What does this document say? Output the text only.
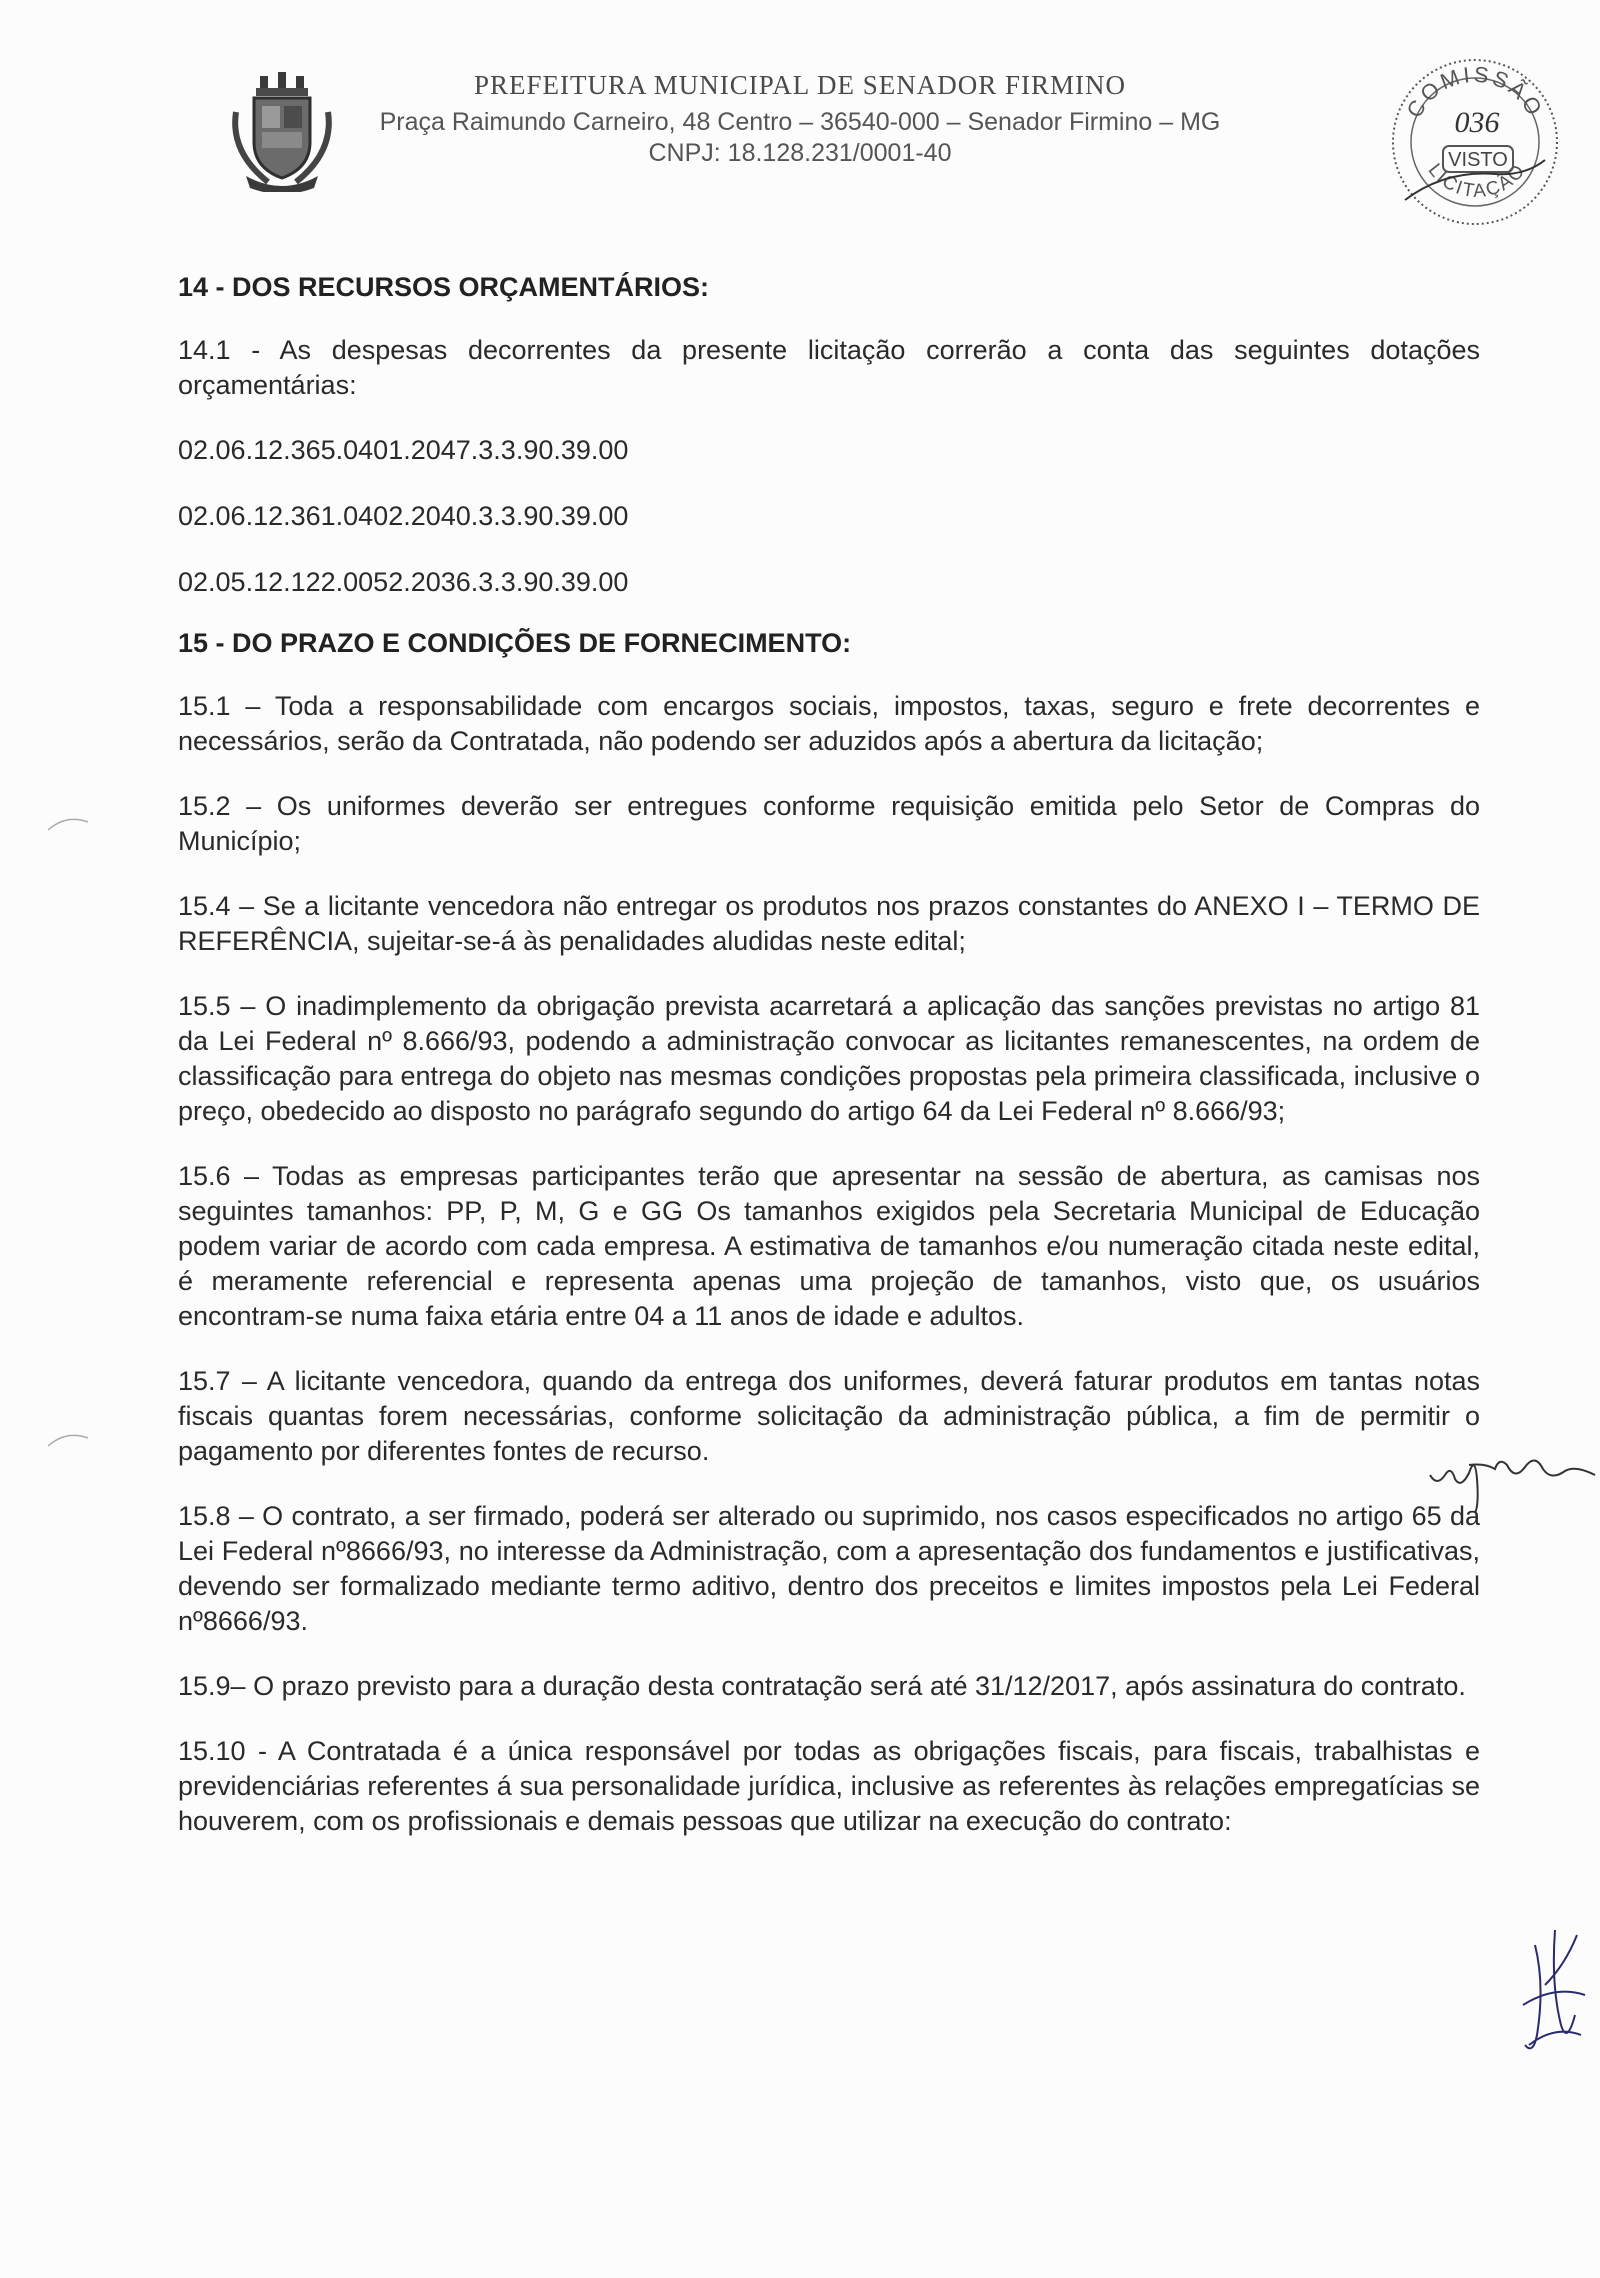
PREFEITURA MUNICIPAL DE SENADOR FIRMINO
Praça Raimundo Carneiro, 48 Centro – 36540-000 – Senador Firmino – MG
CNPJ: 18.128.231/0001-40
COMISSÃO
036
VISTO
LICITAÇÃO

14 - DOS RECURSOS ORÇAMENTÁRIOS:

14.1 - As despesas decorrentes da presente licitação correrão a conta das seguintes dotações orçamentárias:

02.06.12.365.0401.2047.3.3.90.39.00

02.06.12.361.0402.2040.3.3.90.39.00

02.05.12.122.0052.2036.3.3.90.39.00

15 - DO PRAZO E CONDIÇÕES DE FORNECIMENTO:

15.1 – Toda a responsabilidade com encargos sociais, impostos, taxas, seguro e frete decorrentes e necessários, serão da Contratada, não podendo ser aduzidos após a abertura da licitação;

15.2 – Os uniformes deverão ser entregues conforme requisição emitida pelo Setor de Compras do Município;

15.4 – Se a licitante vencedora não entregar os produtos nos prazos constantes do ANEXO I – TERMO DE REFERÊNCIA, sujeitar-se-á às penalidades aludidas neste edital;

15.5 – O inadimplemento da obrigação prevista acarretará a aplicação das sanções previstas no artigo 81 da Lei Federal nº 8.666/93, podendo a administração convocar as licitantes remanescentes, na ordem de classificação para entrega do objeto nas mesmas condições propostas pela primeira classificada, inclusive o preço, obedecido ao disposto no parágrafo segundo do artigo 64 da Lei Federal nº 8.666/93;

15.6 – Todas as empresas participantes terão que apresentar na sessão de abertura, as camisas nos seguintes tamanhos: PP, P, M, G e GG Os tamanhos exigidos pela Secretaria Municipal de Educação podem variar de acordo com cada empresa. A estimativa de tamanhos e/ou numeração citada neste edital, é meramente referencial e representa apenas uma projeção de tamanhos, visto que, os usuários encontram-se numa faixa etária entre 04 a 11 anos de idade e adultos.

15.7 – A licitante vencedora, quando da entrega dos uniformes, deverá faturar produtos em tantas notas fiscais quantas forem necessárias, conforme solicitação da administração pública, a fim de permitir o pagamento por diferentes fontes de recurso.

15.8 – O contrato, a ser firmado, poderá ser alterado ou suprimido, nos casos especificados no artigo 65 da Lei Federal nº8666/93, no interesse da Administração, com a apresentação dos fundamentos e justificativas, devendo ser formalizado mediante termo aditivo, dentro dos preceitos e limites impostos pela Lei Federal nº8666/93.

15.9– O prazo previsto para a duração desta contratação será até 31/12/2017, após assinatura do contrato.

15.10 - A Contratada é a única responsável por todas as obrigações fiscais, para fiscais, trabalhistas e previdenciárias referentes á sua personalidade jurídica, inclusive as referentes às relações empregatícias se houverem, com os profissionais e demais pessoas que utilizar na execução do contrato:
